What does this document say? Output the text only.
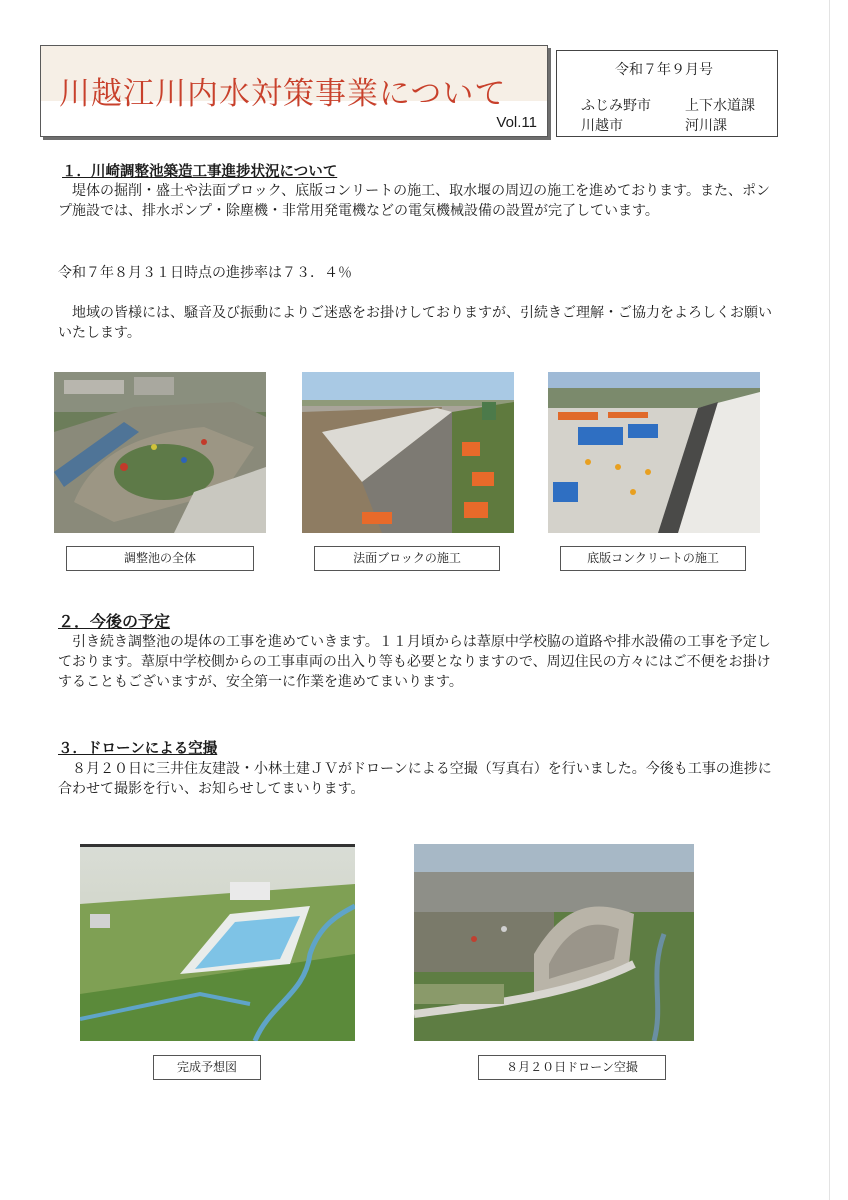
川越江川内水対策事業について
Vol.11
令和７年９月号
ふじみ野市 上下水道課
川越市	河川課
１．川崎調整池築造工事進捗状況について

　堤体の掘削・盛土や法面ブロック、底版コンリートの施工、取水堰の周辺の施工を進めております。また、ポンプ施設では、排水ポンプ・除塵機・非常用発電機などの電気機械設備の設置が完了しています。

令和７年８月３１日時点の進捗率は７３．４％

　地域の皆様には、騒音及び振動によりご迷惑をお掛けしておりますが、引続きご理解・ご協力をよろしくお願いいたします。

調整池の全体	法面ブロックの施工	底版コンクリートの施工
２．今後の予定

　引き続き調整池の堤体の工事を進めていきます。１１月頃からは葦原中学校脇の道路や排水設備の工事を予定しております。葦原中学校側からの工事車両の出入り等も必要となりますので、周辺住民の方々にはご不便をお掛けすることもございますが、安全第一に作業を進めてまいります。

３．ドローンによる空撮

　８月２０日に三井住友建設・小林土建ＪＶがドローンによる空撮（写真右）を行いました。今後も工事の進捗に合わせて撮影を行い、お知らせしてまいります。

完成予想図	８月２０日ドローン空撮
